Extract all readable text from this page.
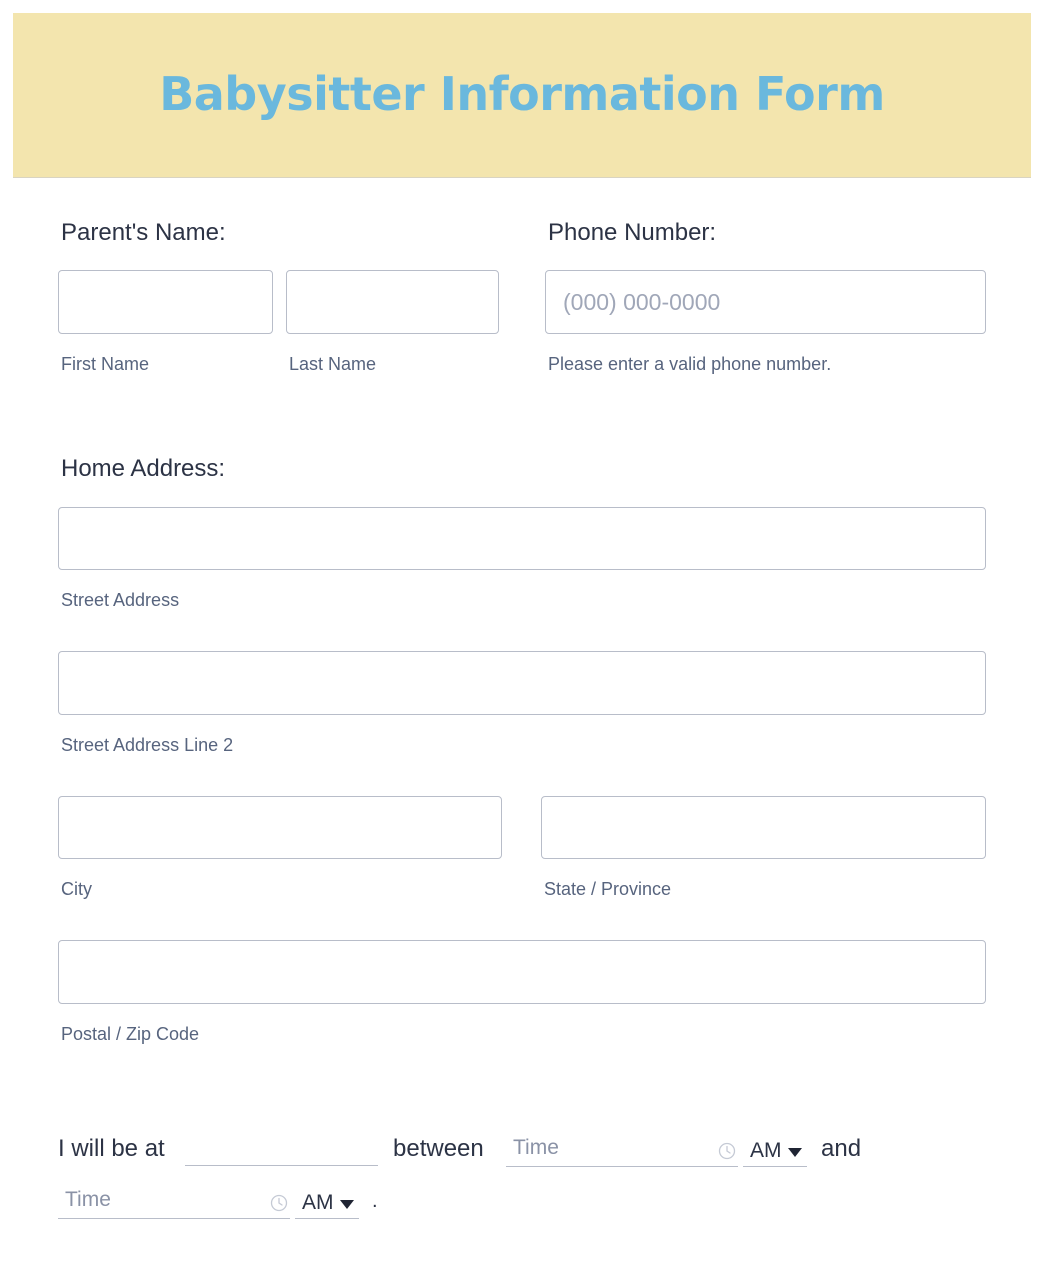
Babysitter Information Form
Parent's Name:
First Name	Last Name
Phone Number:
(000) 000-0000
Please enter a valid phone number.
Home Address:
Street Address
Street Address Line 2
City	State / Province
Postal / Zip Code
I will be at	between Time	AM and
Time	AM .
